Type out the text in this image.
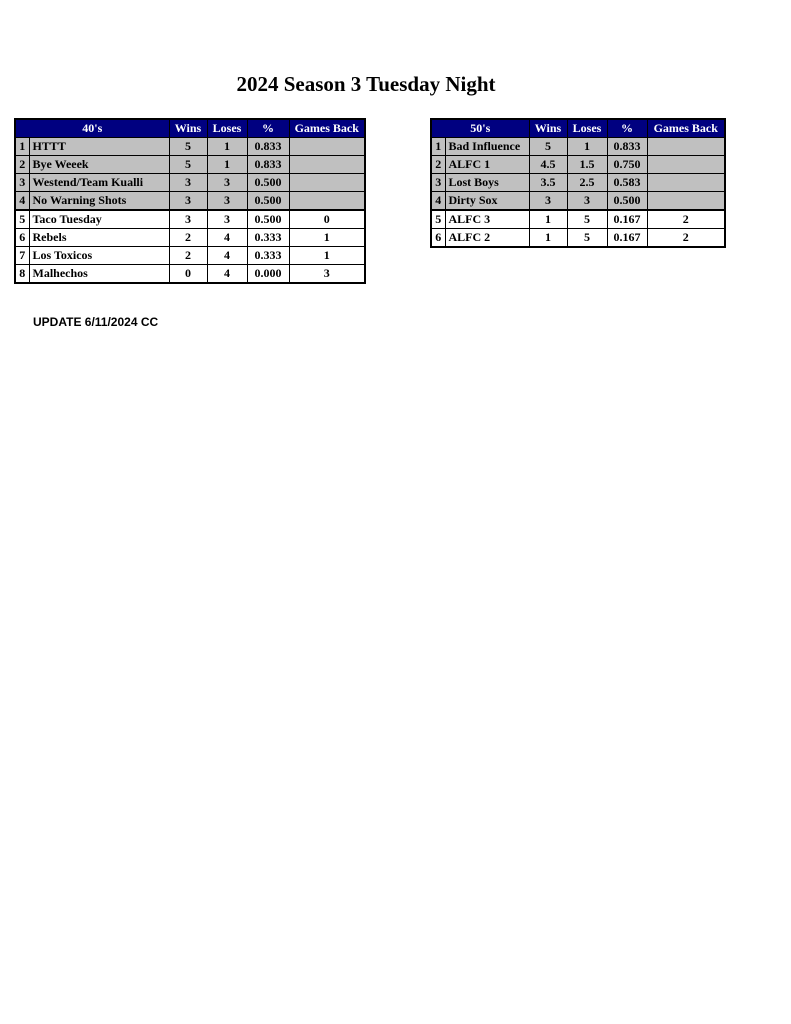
2024 Season 3 Tuesday Night
40's		Wins	Loses	%	Games Back
1	HTTT	5	1	0.833	
2	Bye Weeek	5	1	0.833	
3	Westend/Team Kualli	3	3	0.500	
4	No Warning Shots	3	3	0.500	
5	Taco Tuesday	3	3	0.500	0
6	Rebels	2	4	0.333	1
7	Los Toxicos	2	4	0.333	1
8	Malhechos	0	4	0.000	3
50's		Wins	Loses	%	Games Back
1	Bad Influence	5	1	0.833	
2	ALFC 1	4.5	1.5	0.750	
3	Lost Boys	3.5	2.5	0.583	
4	Dirty Sox	3	3	0.500	
5	ALFC 3	1	5	0.167	2
6	ALFC 2	1	5	0.167	2
UPDATE 6/11/2024 CC
